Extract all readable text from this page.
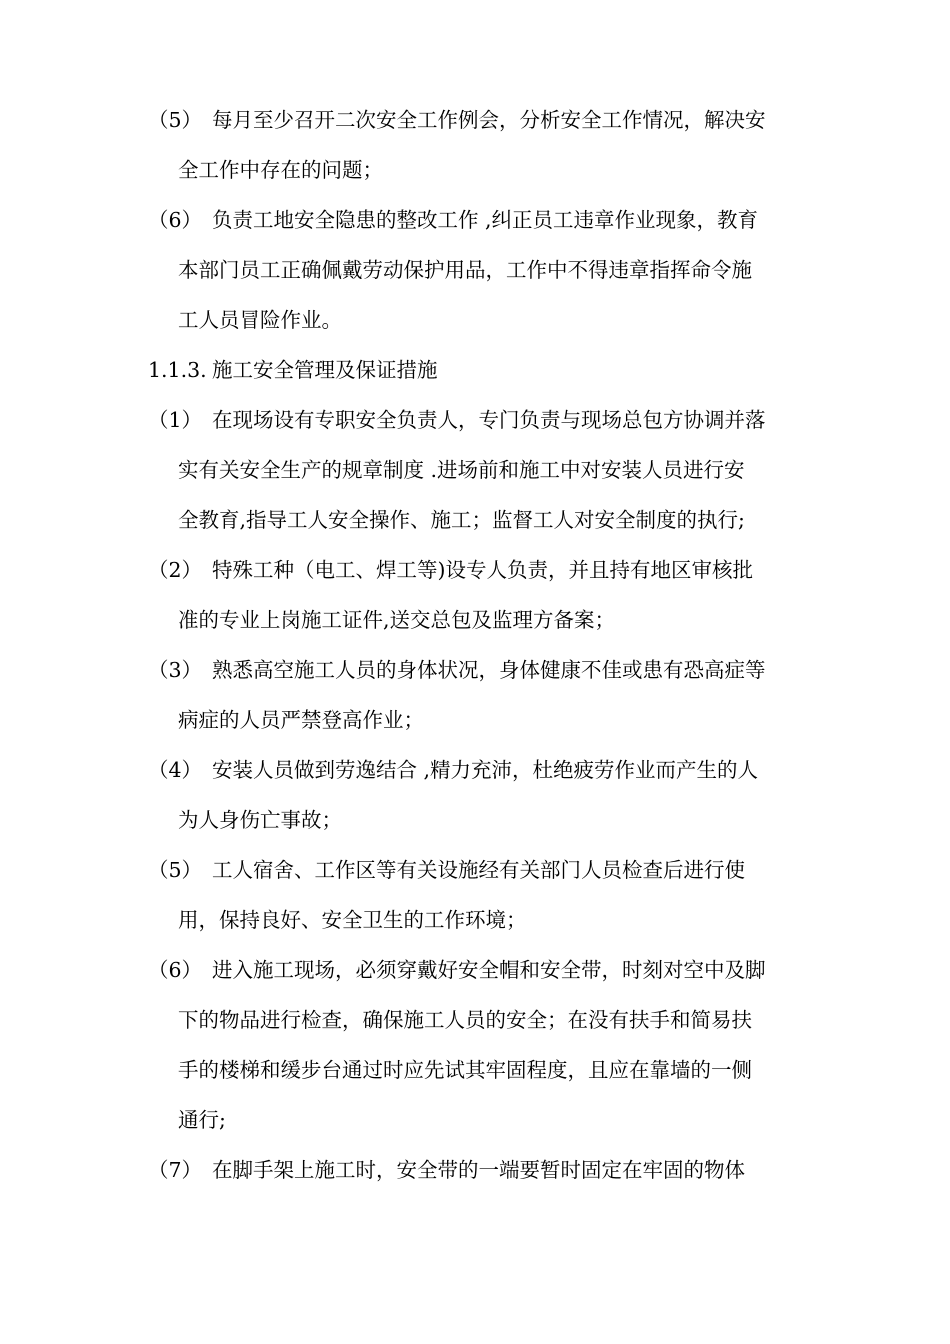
（5） 每月至少召开二次安全工作例会，分析安全工作情况，解决安
全工作中存在的问题；
（6） 负责工地安全隐患的整改工作 ,纠正员工违章作业现象，教育
本部门员工正确佩戴劳动保护用品，工作中不得违章指挥命令施
工人员冒险作业。
1.1.3. 施工安全管理及保证措施
（1） 在现场设有专职安全负责人，专门负责与现场总包方协调并落
实有关安全生产的规章制度 .进场前和施工中对安装人员进行安
全教育,指导工人安全操作、施工；监督工人对安全制度的执行;
（2） 特殊工种（电工、焊工等)设专人负责，并且持有地区审核批
准的专业上岗施工证件,送交总包及监理方备案；
（3） 熟悉高空施工人员的身体状况，身体健康不佳或患有恐高症等
病症的人员严禁登高作业；
（4） 安装人员做到劳逸结合 ,精力充沛，杜绝疲劳作业而产生的人
为人身伤亡事故；
（5） 工人宿舍、工作区等有关设施经有关部门人员检查后进行使
用，保持良好、安全卫生的工作环境；
（6） 进入施工现场，必须穿戴好安全帽和安全带，时刻对空中及脚
下的物品进行检查，确保施工人员的安全；在没有扶手和简易扶
手的楼梯和缓步台通过时应先试其牢固程度，且应在靠墙的一侧
通行;
（7） 在脚手架上施工时，安全带的一端要暂时固定在牢固的物体
